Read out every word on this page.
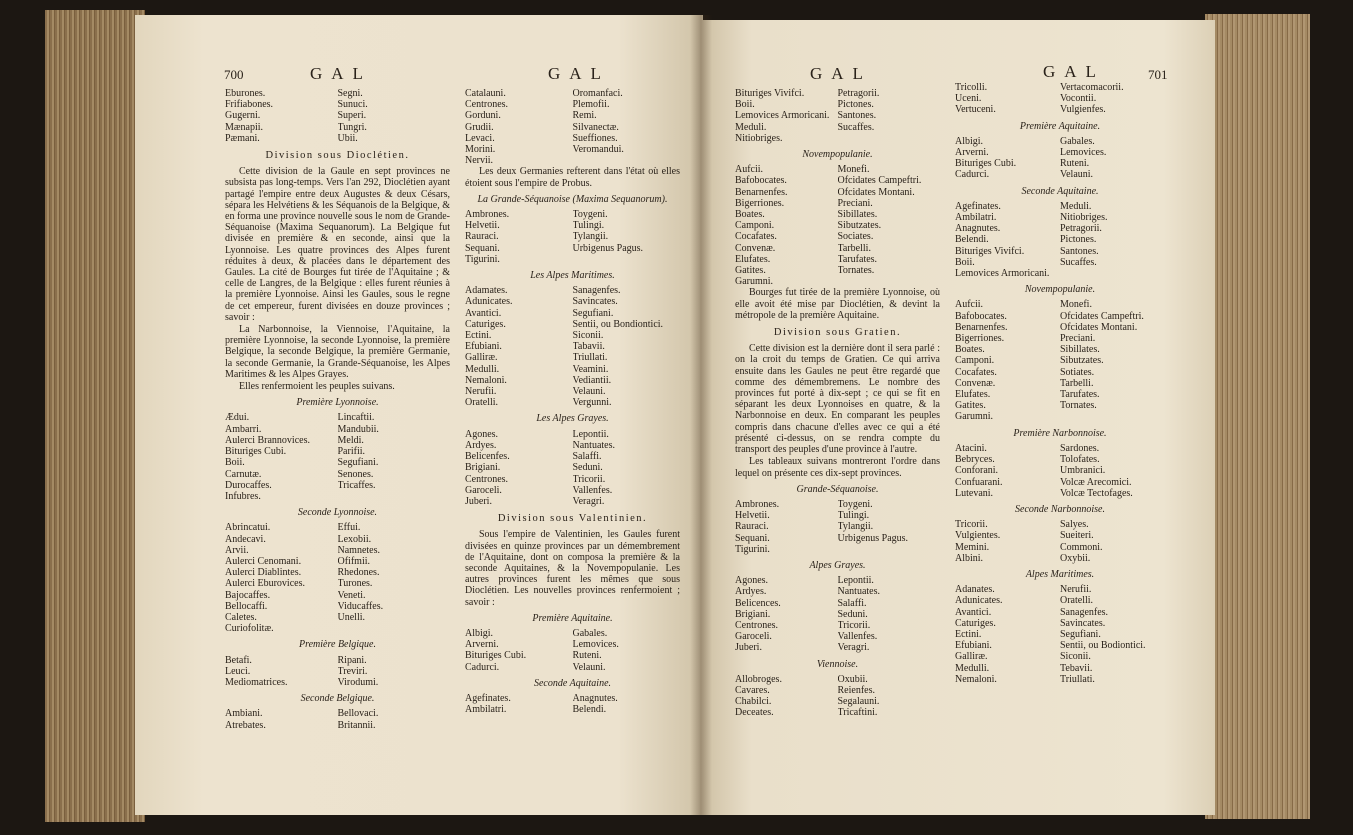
700	GAL	GAL	GAL	GAL	701
Eburones.	Segni.
Frifiabones.	Sunuci.
Gugerni.	Superi.
Mænapii.	Tungri.
Pæmani.	Ubii.
Division sous Dioclétien.
Cette division de la Gaule en sept provinces ne subsista pas long-temps. Vers l'an 292, Dioclétien ayant partagé l'empire entre deux Augustes & deux Césars, sépara les Helvétiens & les Séquanois de la Belgique, & en forma une province nouvelle sous le nom de Grande-Séquanoise (Maxima Sequanorum). La Belgique fut divisée en première & en seconde, ainsi que la Lyonnoise. Les quatre provinces des Alpes furent réduites à deux, & placées dans le département des Gaules. La cité de Bourges fut tirée de l'Aquitaine ; & celle de Langres, de la Belgique : elles furent réunies à la première Lyonnoise. Ainsi les Gaules, sous le regne de cet empereur, furent divisées en douze provinces ; savoir :
La Narbonnoise, la Viennoise, l'Aquitaine, la première Lyonnoise, la seconde Lyonnoise, la première Belgique, la seconde Belgique, la première Germanie, la seconde Germanie, la Grande-Séquanoise, les Alpes Maritimes & les Alpes Grayes.
Elles renfermoient les peuples suivans.
Première Lyonnoise.
Ædui.	Lincaftii.
Ambarri.	Mandubii.
Aulerci Brannovices.	Meldi.
Bituriges Cubi.	Parifii.
Boii.	Segufiani.
Carnutæ.	Senones.
Durocaffes.	Tricaffes.
Infubres.
Seconde Lyonnoise.
Abrincatui.	Effui.
Andecavi.	Lexobii.
Arvii.	Namnetes.
Aulerci Cenomani.	Ofifmii.
Aulerci Diablintes.	Rhedones.
Aulerci Eburovices.	Turones.
Bajocaffes.	Veneti.
Bellocaffi.	Viducaffes.
Caletes.	Unelli.
Curiofolitæ.
Première Belgique.
Betafi.	Ripani.
Leuci.	Treviri.
Mediomatrices.	Virodumi.
Seconde Belgique.
Ambiani.	Bellovaci.
Atrebates.	Britannii.
Catalauni.	Oromanfaci.
Centrones.	Plemofii.
Gorduni.	Remi.
Grudii.	Silvanectæ.
Levaci.	Sueffiones.
Morini.	Veromandui.
Nervii.
Les deux Germanies refterent dans l'état où elles étoient sous l'empire de Probus.
La Grande-Séquanoise (Maxima Sequanorum).
Ambrones.	Toygeni.
Helvetii.	Tulingi.
Rauraci.	Tylangii.
Sequani.	Urbigenus Pagus.
Tigurini.
Les Alpes Maritimes.
Adamates.	Sanagenfes.
Adunicates.	Savincates.
Avantici.	Segufiani.
Caturiges.	Sentii, ou Bondiontici.
Ectini.	Siconii.
Efubiani.	Tabavii.
Galliræ.	Triullati.
Medulli.	Veamini.
Nemaloni.	Vediantii.
Nerufii.	Velauni.
Oratelli.	Vergunni.
Les Alpes Grayes.
Agones.	Lepontii.
Ardyes.	Nantuates.
Belicenfes.	Salaffi.
Brigiani.	Seduni.
Centrones.	Tricorii.
Garoceli.	Vallenfes.
Juberi.	Veragri.
Division sous Valentinien.
Sous l'empire de Valentinien, les Gaules furent divisées en quinze provinces par un démembrement de l'Aquitaine, dont on composa la première & la seconde Aquitaines, & la Novempopulanie. Les autres provinces furent les mêmes que sous Dioclétien. Les nouvelles provinces renfermoient ; savoir :
Première Aquitaine.
Albigi.	Gabales.
Arverni.	Lemovices.
Bituriges Cubi.	Ruteni.
Cadurci.	Velauni.
Seconde Aquitaine.
Agefinates.	Anagnutes.
Ambilatri.	Belendi.
Bituriges Vivifci.	Petragorii.
Boii.	Pictones.
Lemovices Armoricani. Santones.
Meduli.	Sucaffes.
Nitiobriges.
Novempopulanie.
Aufcii.	Monefi.
Bafobocates.	Ofcidates Campeftri.
Benarnenfes.	Ofcidates Montani.
Bigerriones.	Preciani.
Boates.	Sibillates.
Camponi.	Sibutzates.
Cocafates.	Sociates.
Convenæ.	Tarbelli.
Elufates.	Tarufates.
Gatites.	Tornates.
Garumni.
Bourges fut tirée de la première Lyonnoise, où elle avoit été mise par Dioclétien, & devint la métropole de la première Aquitaine.
Division sous Gratien.
Cette division est la dernière dont il sera parlé : on la croit du temps de Gratien. Ce qui arriva ensuite dans les Gaules ne peut être regardé que comme des démembremens. Le nombre des provinces fut porté à dix-sept ; ce qui se fit en séparant les deux Lyonnoises en quatre, & la Narbonnoise en deux. En comparant les peuples compris dans chacune d'elles avec ce qui a été présenté ci-dessus, on se rendra compte du transport des peuples d'une province à l'autre.
Les tableaux suivans montreront l'ordre dans lequel on présente ces dix-sept provinces.
Grande-Séquanoise.
Ambrones.	Toygeni.
Helvetii.	Tulingi.
Rauraci.	Tylangii.
Sequani.	Urbigenus Pagus.
Tigurini.
Alpes Grayes.
Agones.	Lepontii.
Ardyes.	Nantuates.
Belicences.	Salaffi.
Brigiani.	Seduni.
Centrones.	Tricorii.
Garoceli.	Vallenfes.
Juberi.	Veragri.
Viennoise.
Allobroges.	Oxubii.
Cavares.	Reienfes.
Chabilci.	Segalauni.
Deceates.	Tricaftini.
Tricolli.	Vertacomacorii.
Uceni.	Vocontii.
Vertuceni.	Vulgienfes.
Première Aquitaine.
Albigi.	Gabales.
Arverni.	Lemovices.
Bituriges Cubi.	Ruteni.
Cadurci.	Velauni.
Seconde Aquitaine.
Agefinates.	Meduli.
Ambilatri.	Nitiobriges.
Anagnutes.	Petragorii.
Belendi.	Pictones.
Bituriges Vivifci.	Santones.
Boii.	Sucaffes.
Lemovices Armoricani.
Novempopulanie.
Aufcii.	Monefi.
Bafobocates.	Ofcidates Campeftri.
Benarnenfes.	Ofcidates Montani.
Bigerriones.	Preciani.
Boates.	Sibillates.
Camponi.	Sibutzates.
Cocafates.	Sotiates.
Convenæ.	Tarbelli.
Elufates.	Tarufates.
Gatites.	Tornates.
Garumni.
Première Narbonnoise.
Atacini.	Sardones.
Bebryces.	Tolofates.
Conforani.	Umbranici.
Confuarani.	Volcæ Arecomici.
Lutevani.	Volcæ Tectofages.
Seconde Narbonnoise.
Tricorii.	Salyes.
Vulgientes.	Sueiteri.
Memini.	Commoni.
Albini.	Oxybii.
Alpes Maritimes.
Adanates.	Nerufii.
Adunicates.	Oratelli.
Avantici.	Sanagenfes.
Caturiges.	Savincates.
Ectini.	Segufiani.
Efubiani.	Sentii, ou Bodiontici.
Galliræ.	Siconii.
Medulli.	Tebavii.
Nemaloni.	Triullati.
